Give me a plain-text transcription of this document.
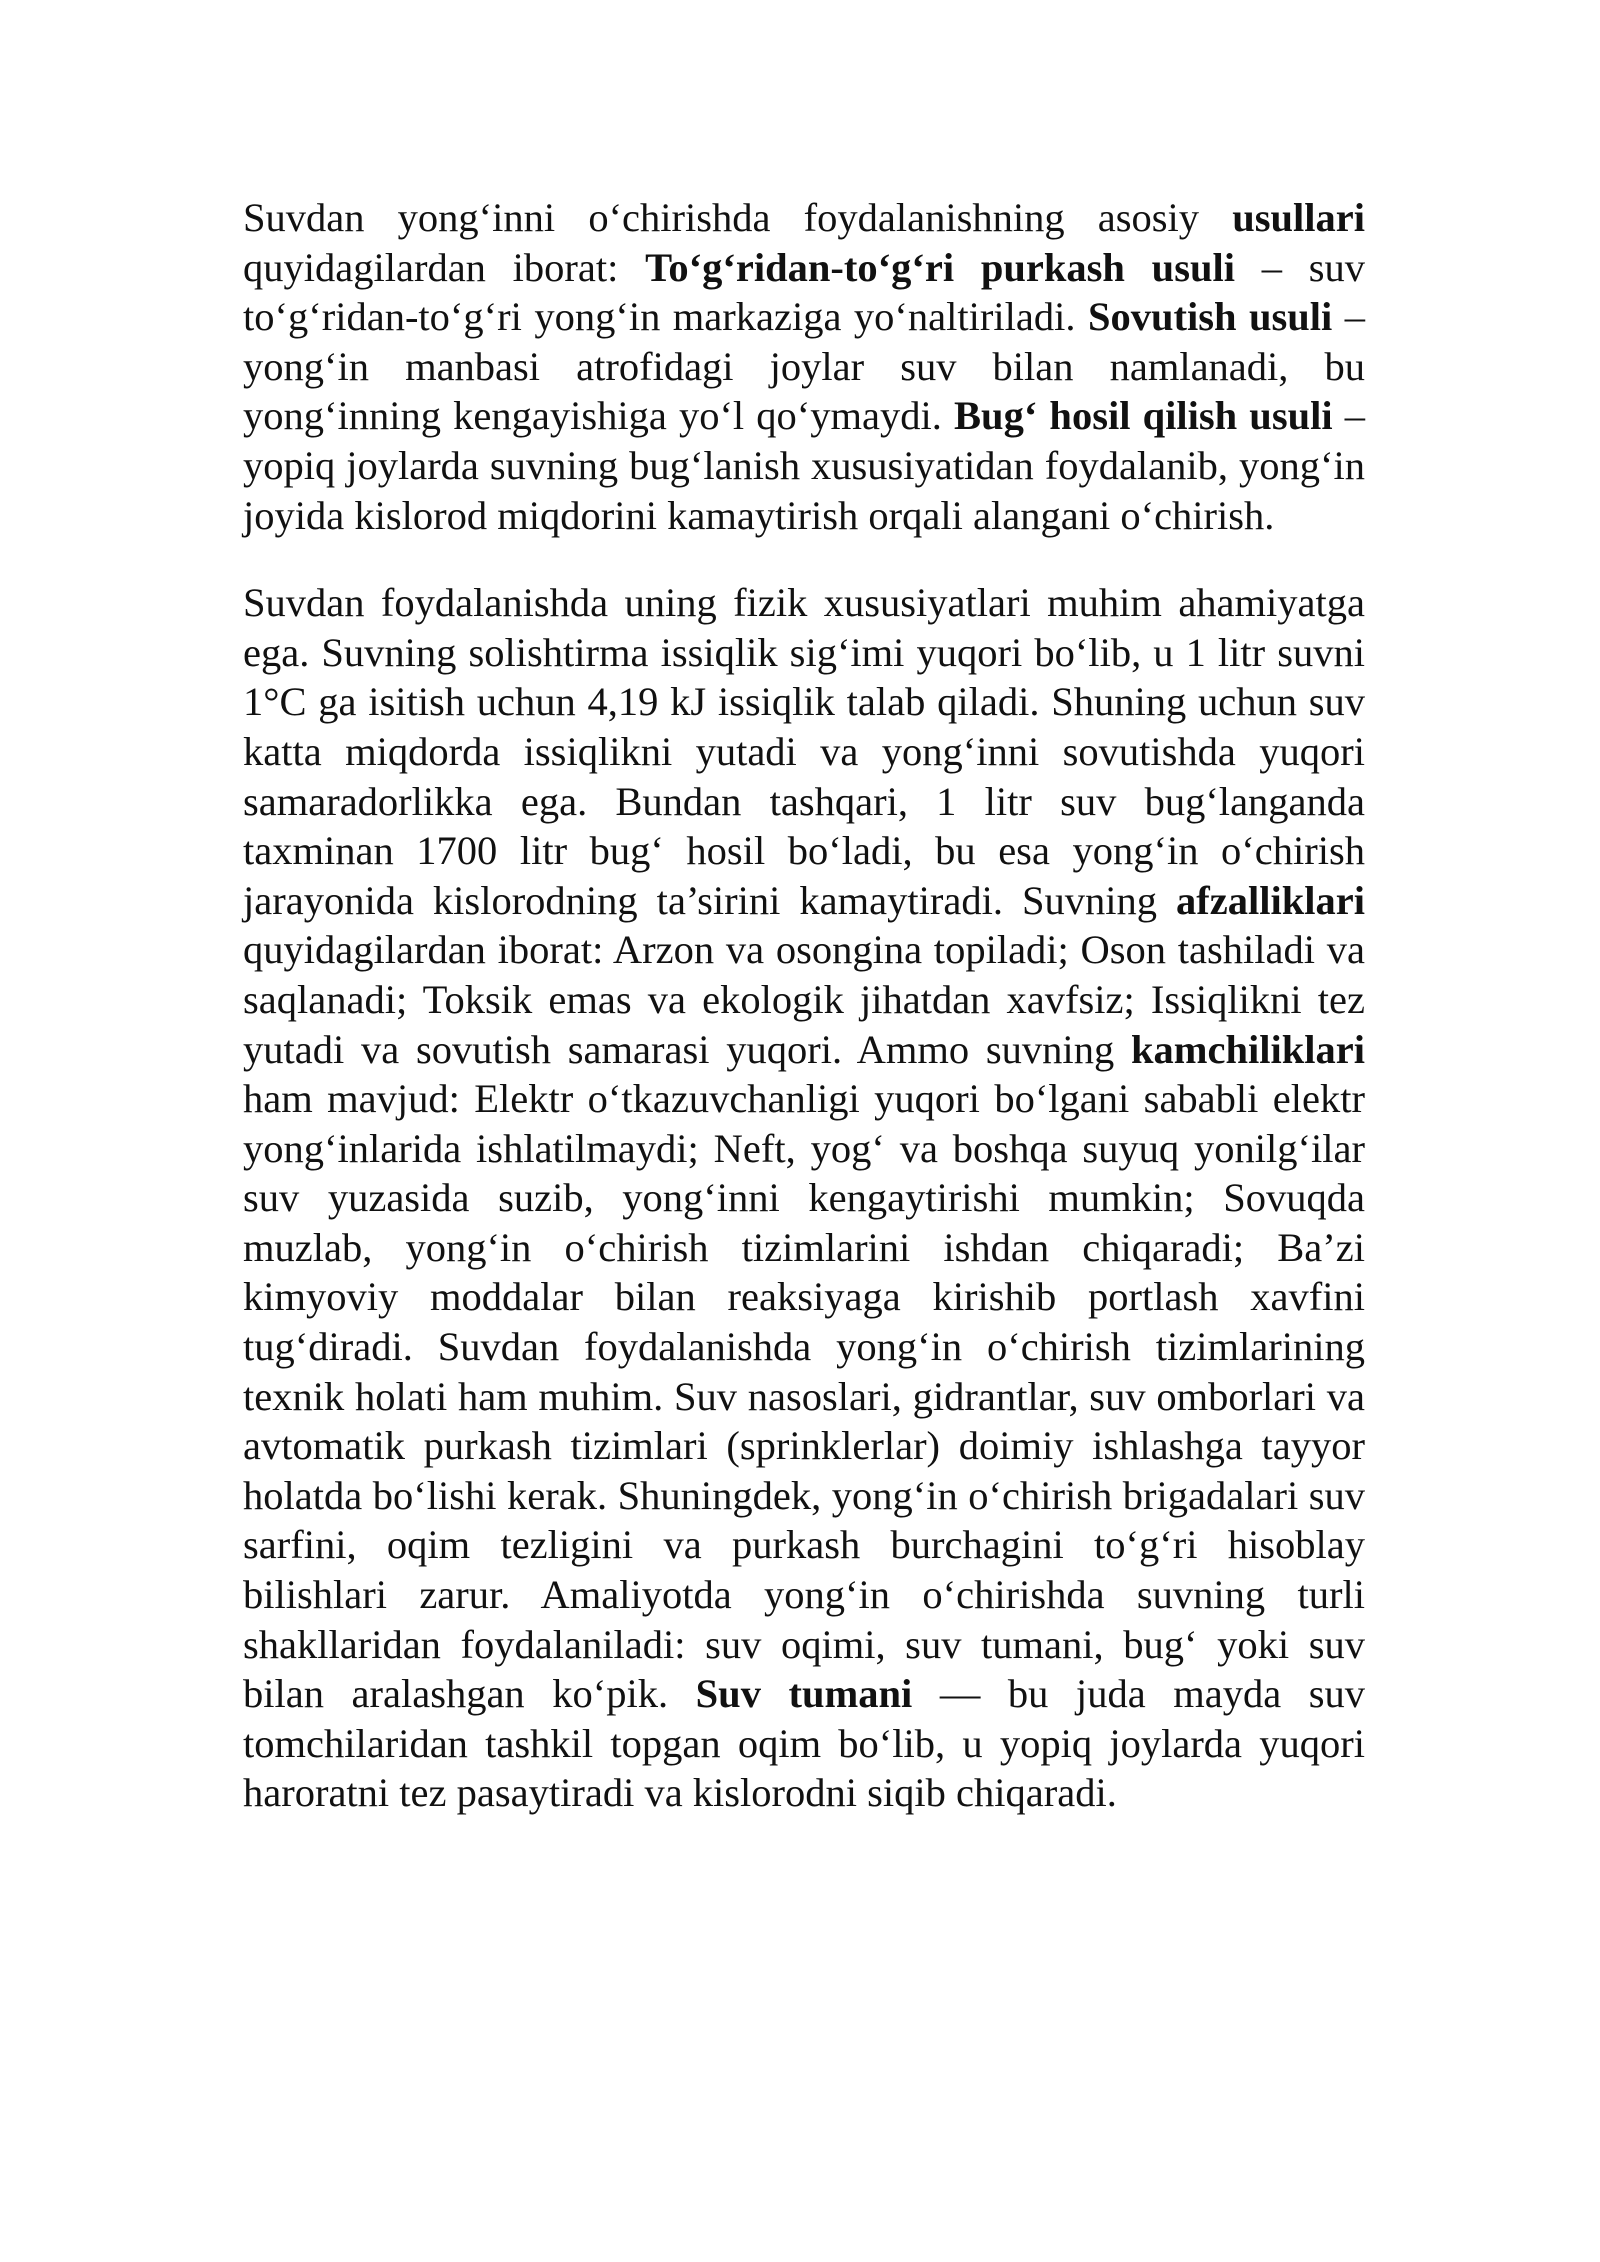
Suvdan yong‘inni o‘chirishda foydalanishning asosiy usullari quyidagilardan iborat: To‘g‘ridan-to‘g‘ri purkash usuli – suv to‘g‘ridan-to‘g‘ri yong‘in markaziga yo‘naltiriladi. Sovutish usuli – yong‘in manbasi atrofidagi joylar suv bilan namlanadi, bu yong‘inning kengayishiga yo‘l qo‘ymaydi. Bug‘ hosil qilish usuli – yopiq joylarda suvning bug‘lanish xususiyatidan foydalanib, yong‘in joyida kislorod miqdorini kamaytirish orqali alangani o‘chirish.

Suvdan foydalanishda uning fizik xususiyatlari muhim ahamiyatga ega. Suvning solishtirma issiqlik sig‘imi yuqori bo‘lib, u 1 litr suvni 1°C ga isitish uchun 4,19 kJ issiqlik talab qiladi. Shuning uchun suv katta miqdorda issiqlikni yutadi va yong‘inni sovutishda yuqori samaradorlikka ega. Bundan tashqari, 1 litr suv bug‘langanda taxminan 1700 litr bug‘ hosil bo‘ladi, bu esa yong‘in o‘chirish jarayonida kislorodning ta’sirini kamaytiradi. Suvning afzalliklari quyidagilardan iborat: Arzon va osongina topiladi; Oson tashiladi va saqlanadi; Toksik emas va ekologik jihatdan xavfsiz; Issiqlikni tez yutadi va sovutish samarasi yuqori. Ammo suvning kamchiliklari ham mavjud: Elektr o‘tkazuvchanligi yuqori bo‘lgani sababli elektr yong‘inlarida ishlatilmaydi; Neft, yog‘ va boshqa suyuq yonilg‘ilar suv yuzasida suzib, yong‘inni kengaytirishi mumkin; Sovuqda muzlab, yong‘in o‘chirish tizimlarini ishdan chiqaradi; Ba’zi kimyoviy moddalar bilan reaksiyaga kirishib portlash xavfini tug‘diradi. Suvdan foydalanishda yong‘in o‘chirish tizimlarining texnik holati ham muhim. Suv nasoslari, gidrantlar, suv omborlari va avtomatik purkash tizimlari (sprinklerlar) doimiy ishlashga tayyor holatda bo‘lishi kerak. Shuningdek, yong‘in o‘chirish brigadalari suv sarfini, oqim tezligini va purkash burchagini to‘g‘ri hisoblay bilishlari zarur. Amaliyotda yong‘in o‘chirishda suvning turli shakllaridan foydalaniladi: suv oqimi, suv tumani, bug‘ yoki suv bilan aralashgan ko‘pik. Suv tumani — bu juda mayda suv tomchilaridan tashkil topgan oqim bo‘lib, u yopiq joylarda yuqori haroratni tez pasaytiradi va kislorodni siqib chiqaradi.
